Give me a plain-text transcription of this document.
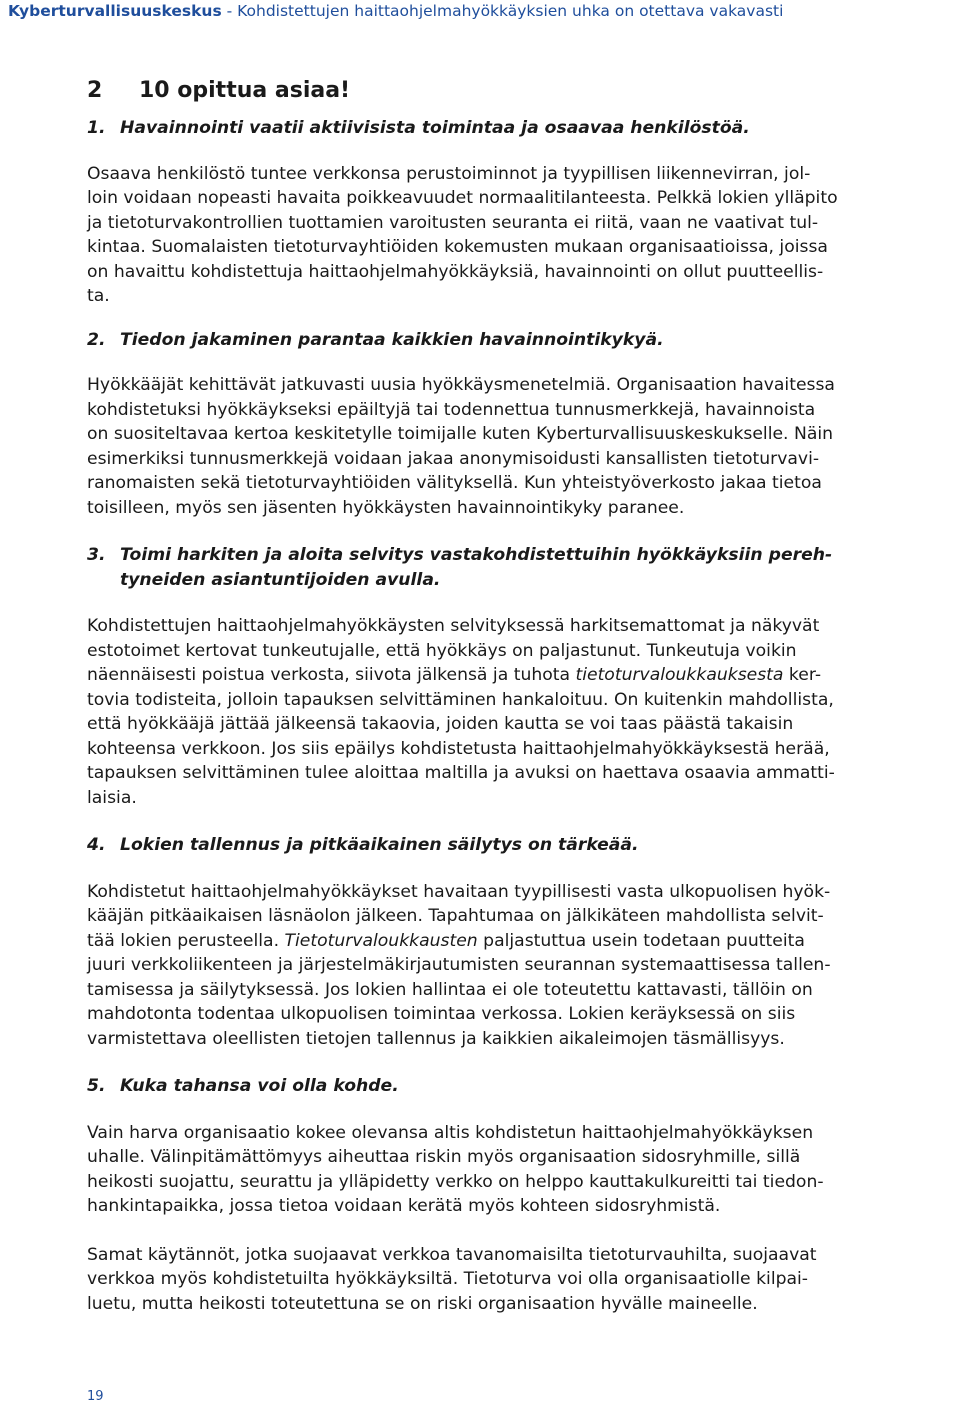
Kyberturvallisuuskeskus - Kohdistettujen haittaohjelmahyökkäyksien uhka on otettava vakavasti
2 10 opittua asiaa!
1. Havainnointi vaatii aktiivisista toimintaa ja osaavaa henkilöstöä.
Osaava henkilöstö tuntee verkkonsa perustoiminnot ja tyypillisen liikennevirran, jol-
loin voidaan nopeasti havaita poikkeavuudet normaalitilanteesta. Pelkkä lokien ylläpito
ja tietoturvakontrollien tuottamien varoitusten seuranta ei riitä, vaan ne vaativat tul-
kintaa. Suomalaisten tietoturvayhtiöiden kokemusten mukaan organisaatioissa, joissa
on havaittu kohdistettuja haittaohjelmahyökkäyksiä, havainnointi on ollut puutteellis-
ta.
2. Tiedon jakaminen parantaa kaikkien havainnointikykyä.
Hyökkääjät kehittävät jatkuvasti uusia hyökkäysmenetelmiä. Organisaation havaitessa
kohdistetuksi hyökkäykseksi epäiltyjä tai todennettua tunnusmerkkejä, havainnoista
on suositeltavaa kertoa keskitetylle toimijalle kuten Kyberturvallisuuskeskukselle. Näin
esimerkiksi tunnusmerkkejä voidaan jakaa anonymisoidusti kansallisten tietoturvavi-
ranomaisten sekä tietoturvayhtiöiden välityksellä. Kun yhteistyöverkosto jakaa tietoa
toisilleen, myös sen jäsenten hyökkäysten havainnointikyky paranee.
3. Toimi harkiten ja aloita selvitys vastakohdistettuihin hyökkäyksiin pereh-
tyneiden asiantuntijoiden avulla.
Kohdistettujen haittaohjelmahyökkäysten selvityksessä harkitsemattomat ja näkyvät
estotoimet kertovat tunkeutujalle, että hyökkäys on paljastunut. Tunkeutuja voikin
näennäisesti poistua verkosta, siivota jälkensä ja tuhota tietoturvaloukkauksesta ker-
tovia todisteita, jolloin tapauksen selvittäminen hankaloituu. On kuitenkin mahdollista,
että hyökkääjä jättää jälkeensä takaovia, joiden kautta se voi taas päästä takaisin
kohteensa verkkoon. Jos siis epäilys kohdistetusta haittaohjelmahyökkäyksestä herää,
tapauksen selvittäminen tulee aloittaa maltilla ja avuksi on haettava osaavia ammatti-
laisia.
4. Lokien tallennus ja pitkäaikainen säilytys on tärkeää.
Kohdistetut haittaohjelmahyökkäykset havaitaan tyypillisesti vasta ulkopuolisen hyök-
kääjän pitkäaikaisen läsnäolon jälkeen. Tapahtumaa on jälkikäteen mahdollista selvit-
tää lokien perusteella. Tietoturvaloukkausten paljastuttua usein todetaan puutteita
juuri verkkoliikenteen ja järjestelmäkirjautumisten seurannan systemaattisessa tallen-
tamisessa ja säilytyksessä. Jos lokien hallintaa ei ole toteutettu kattavasti, tällöin on
mahdotonta todentaa ulkopuolisen toimintaa verkossa. Lokien keräyksessä on siis
varmistettava oleellisten tietojen tallennus ja kaikkien aikaleimojen täsmällisyys.
5. Kuka tahansa voi olla kohde.
Vain harva organisaatio kokee olevansa altis kohdistetun haittaohjelmahyökkäyksen
uhalle. Välinpitämättömyys aiheuttaa riskin myös organisaation sidosryhmille, sillä
heikosti suojattu, seurattu ja ylläpidetty verkko on helppo kauttakulkureitti tai tiedon-
hankintapaikka, jossa tietoa voidaan kerätä myös kohteen sidosryhmistä.
Samat käytännöt, jotka suojaavat verkkoa tavanomaisilta tietoturvauhilta, suojaavat
verkkoa myös kohdistetuilta hyökkäyksiltä. Tietoturva voi olla organisaatiolle kilpai-
luetu, mutta heikosti toteutettuna se on riski organisaation hyvälle maineelle.
19
